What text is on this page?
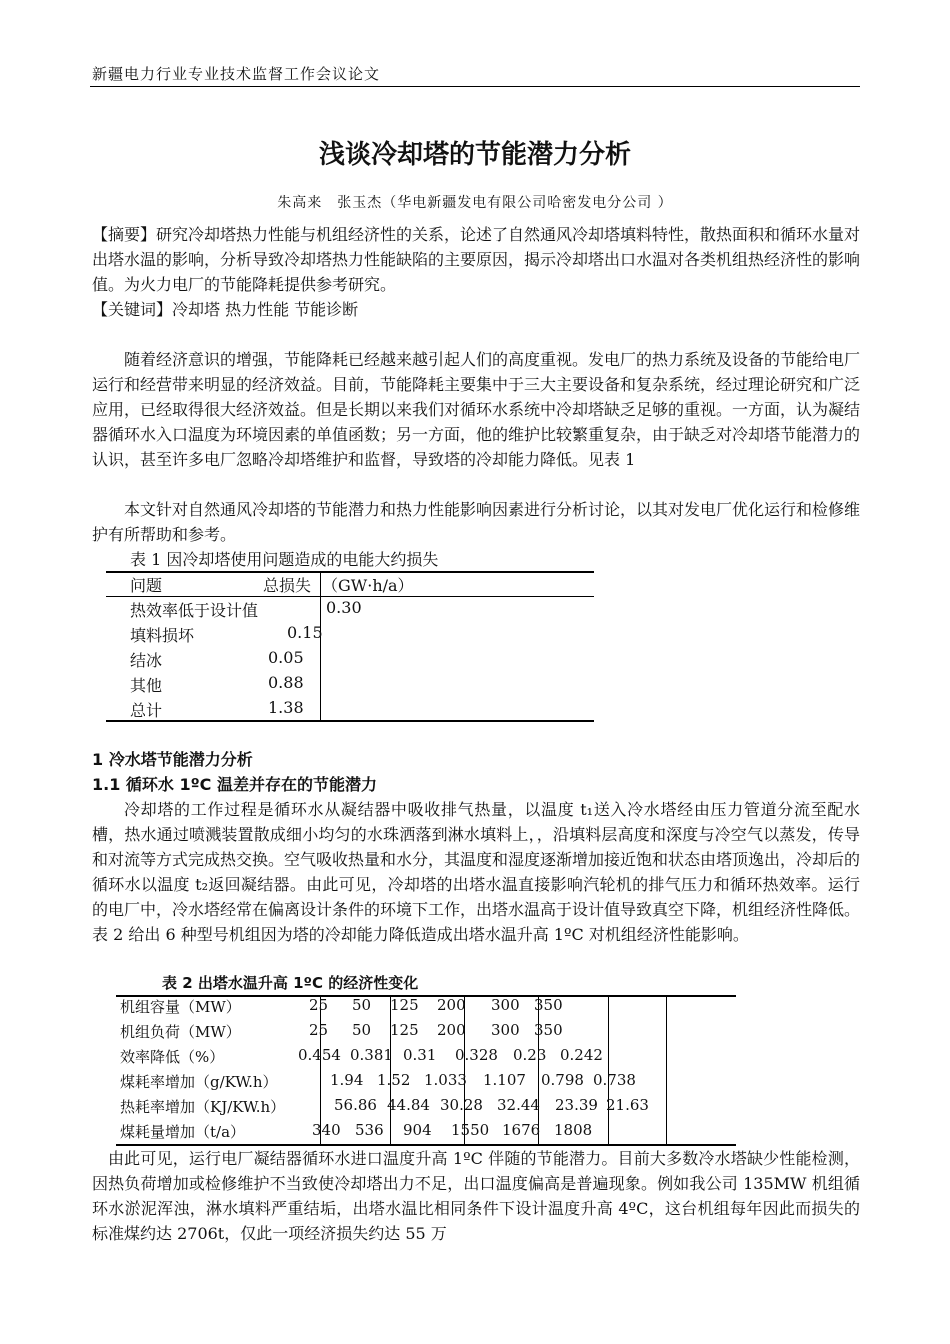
新疆电力行业专业技术监督工作会议论文
浅谈冷却塔的节能潜力分析
朱高来　张玉杰（华电新疆发电有限公司哈密发电分公司 ）
【摘要】研究冷却塔热力性能与机组经济性的关系，论述了自然通风冷却塔填料特性，散热面积和循环水量对出塔水温的影响，分析导致冷却塔热力性能缺陷的主要原因，揭示冷却塔出口水温对各类机组热经济性的影响值。为火力电厂的节能降耗提供参考研究。
【关键词】冷却塔 热力性能 节能诊断
随着经济意识的增强，节能降耗已经越来越引起人们的高度重视。发电厂的热力系统及设备的节能给电厂运行和经营带来明显的经济效益。目前，节能降耗主要集中于三大主要设备和复杂系统，经过理论研究和广泛应用，已经取得很大经济效益。但是长期以来我们对循环水系统中冷却塔缺乏足够的重视。一方面，认为凝结器循环水入口温度为环境因素的单值函数；另一方面，他的维护比较繁重复杂，由于缺乏对冷却塔节能潜力的认识，甚至许多电厂忽略冷却塔维护和监督，导致塔的冷却能力降低。见表 1
本文针对自然通风冷却塔的节能潜力和热力性能影响因素进行分析讨论，以其对发电厂优化运行和检修维护有所帮助和参考。
表 1 因冷却塔使用问题造成的电能大约损失
问题	总损失 （GW·h/a）
热效率低于设计值	0.30
填料损坏	0.15
结冰	0.05
其他	0.88
总计	1.38
1 冷水塔节能潜力分析
1.1 循环水 1ºC 温差并存在的节能潜力
冷却塔的工作过程是循环水从凝结器中吸收排气热量，以温度 t₁送入冷水塔经由压力管道分流至配水槽，热水通过喷溅装置散成细小均匀的水珠洒落到淋水填料上，，沿填料层高度和深度与冷空气以蒸发，传导和对流等方式完成热交换。空气吸收热量和水分，其温度和湿度逐渐增加接近饱和状态由塔顶逸出，冷却后的循环水以温度 t₂返回凝结器。由此可见，冷却塔的出塔水温直接影响汽轮机的排气压力和循环热效率。运行的电厂中，冷水塔经常在偏离设计条件的环境下工作，出塔水温高于设计值导致真空下降，机组经济性降低。表 2 给出 6 种型号机组因为塔的冷却能力降低造成出塔水温升高 1ºC 对机组经济性能影响。
表 2 出塔水温升高 1ºC 的经济性变化
机组容量（MW）	25 50 125 200 300 350
机组负荷（MW）	25 50 125 200 300 350
效率降低（%）	0.454 0.381 0.31 0.328 0.23 0.242
煤耗率增加（g/KW.h）	1.94 1.52 1.033 1.107 0.798 0.738
热耗率增加（KJ/KW.h）	56.86 44.84 30.28 32.44 23.39 21.63
煤耗量增加（t/a）	340 536 904 1550 1676 1808
由此可见，运行电厂凝结器循环水进口温度升高 1ºC 伴随的节能潜力。目前大多数冷水塔缺少性能检测，因热负荷增加或检修维护不当致使冷却塔出力不足，出口温度偏高是普遍现象。例如我公司 135MW 机组循环水淤泥浑浊，淋水填料严重结垢，出塔水温比相同条件下设计温度升高 4ºC，这台机组每年因此而损失的标准煤约达 2706t，仅此一项经济损失约达 55 万
